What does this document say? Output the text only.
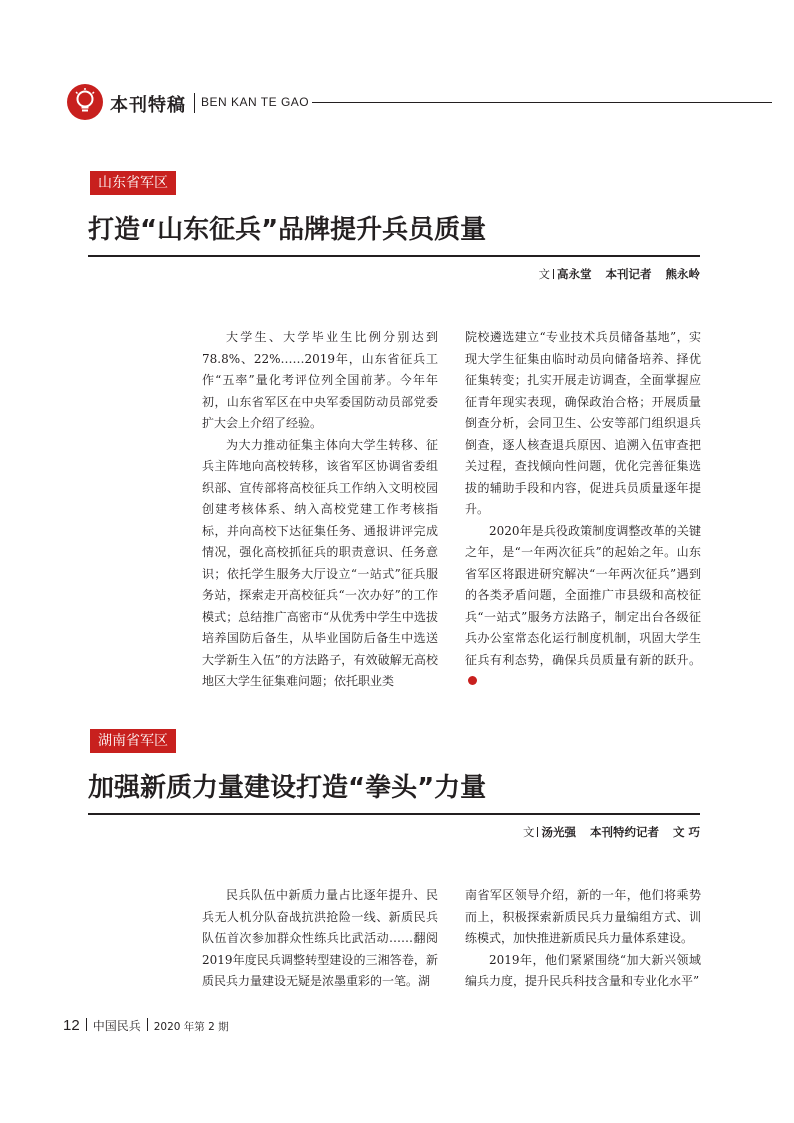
本刊特稿 BEN KAN TE GAO
山东省军区
打造“山东征兵”品牌提升兵员质量
文 高永堂 本刊记者 熊永岭

大学生、大学毕业生比例分别达到78.8%、22%……2019年，山东省征兵工作“五率”量化考评位列全国前茅。今年年初，山东省军区在中央军委国防动员部党委扩大会上介绍了经验。

为大力推动征集主体向大学生转移、征兵主阵地向高校转移，该省军区协调省委组织部、宣传部将高校征兵工作纳入文明校园创建考核体系、纳入高校党建工作考核指标，并向高校下达征集任务、通报讲评完成情况，强化高校抓征兵的职责意识、任务意识；依托学生服务大厅设立“一站式”征兵服务站，探索走开高校征兵“一次办好”的工作模式；总结推广高密市“从优秀中学生中选拔培养国防后备生，从毕业国防后备生中选送大学新生入伍”的方法路子，有效破解无高校地区大学生征集难问题；依托职业类

院校遴选建立“专业技术兵员储备基地”，实现大学生征集由临时动员向储备培养、择优征集转变；扎实开展走访调查，全面掌握应征青年现实表现，确保政治合格；开展质量倒查分析，会同卫生、公安等部门组织退兵倒查，逐人核查退兵原因、追溯入伍审查把关过程，查找倾向性问题，优化完善征集选拔的辅助手段和内容，促进兵员质量逐年提升。

2020年是兵役政策制度调整改革的关键之年，是“一年两次征兵”的起始之年。山东省军区将跟进研究解决“一年两次征兵”遇到的各类矛盾问题，全面推广市县级和高校征兵“一站式”服务方法路子，制定出台各级征兵办公室常态化运行制度机制，巩固大学生征兵有利态势，确保兵员质量有新的跃升。

湖南省军区
加强新质力量建设打造“拳头”力量
文 汤光强 本刊特约记者 文 巧

民兵队伍中新质力量占比逐年提升、民兵无人机分队奋战抗洪抢险一线、新质民兵队伍首次参加群众性练兵比武活动……翻阅2019年度民兵调整转型建设的三湘答卷，新质民兵力量建设无疑是浓墨重彩的一笔。湖

南省军区领导介绍，新的一年，他们将乘势而上，积极探索新质民兵力量编组方式、训练模式，加快推进新质民兵力量体系建设。

2019年，他们紧紧围绕“加大新兴领域编兵力度，提升民兵科技含量和专业化水平”

12 中国民兵 2020 年第 2 期
